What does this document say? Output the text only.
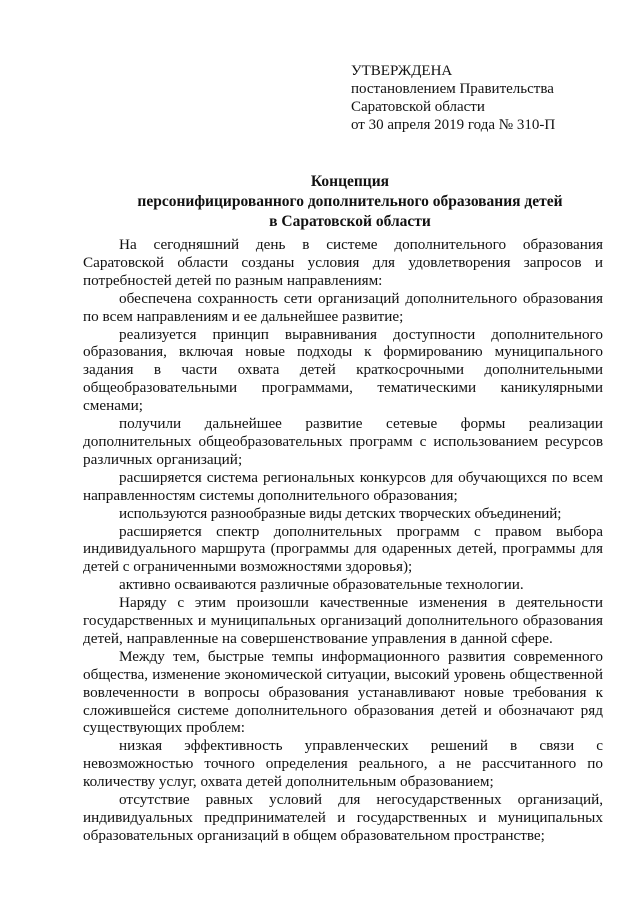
УТВЕРЖДЕНА
постановлением Правительства
Саратовской области
от 30 апреля 2019 года № 310-П
Концепция
персонифицированного дополнительного образования детей
в Саратовской области

На сегодняшний день в системе дополнительного образования Саратовской области созданы условия для удовлетворения запросов и потребностей детей по разным направлениям:

обеспечена сохранность сети организаций дополнительного образования по всем направлениям и ее дальнейшее развитие;

реализуется принцип выравнивания доступности дополнительного образования, включая новые подходы к формированию муниципального задания в части охвата детей краткосрочными дополнительными общеобразовательными программами, тематическими каникулярными сменами;

получили дальнейшее развитие сетевые формы реализации дополнительных общеобразовательных программ с использованием ресурсов различных организаций;

расширяется система региональных конкурсов для обучающихся по всем направленностям системы дополнительного образования;

используются разнообразные виды детских творческих объединений;

расширяется спектр дополнительных программ с правом выбора индивидуального маршрута (программы для одаренных детей, программы для детей с ограниченными возможностями здоровья);

активно осваиваются различные образовательные технологии.

Наряду с этим произошли качественные изменения в деятельности государственных и муниципальных организаций дополнительного образования детей, направленные на совершенствование управления в данной сфере.

Между тем, быстрые темпы информационного развития современного общества, изменение экономической ситуации, высокий уровень общественной вовлеченности в вопросы образования устанавливают новые требования к сложившейся системе дополнительного образования детей и обозначают ряд существующих проблем:

низкая эффективность управленческих решений в связи с невозможностью точного определения реального, а не рассчитанного по количеству услуг, охвата детей дополнительным образованием;

отсутствие равных условий для негосударственных организаций, индивидуальных предпринимателей и государственных и муниципальных образовательных организаций в общем образовательном пространстве;
